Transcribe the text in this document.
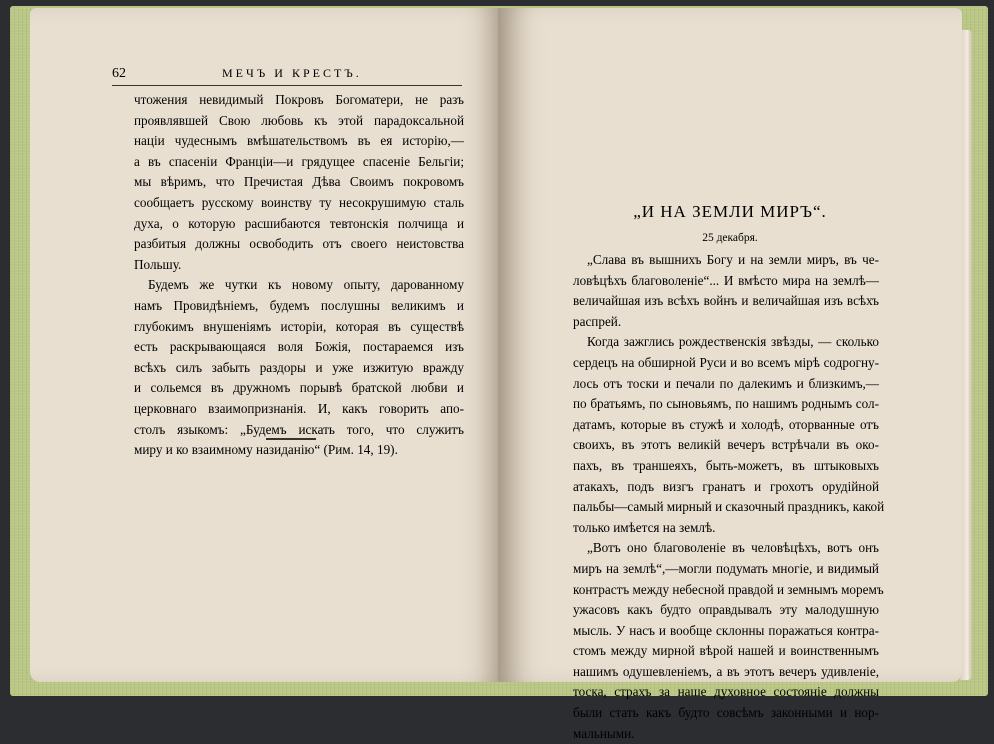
62	МЕЧЪ И КРЕСТЪ.
чтожения невидимый Покровъ Богоматери, не разъ
проявлявшей Свою любовь къ этой парадоксальной
націи чудеснымъ вмѣшательствомъ въ ея исторію,—
а въ спасеніи Франціи—и грядущее спасеніе Бельгіи;
мы вѣримъ, что Пречистая Дѣва Своимъ покровомъ
сообщаетъ русскому воинству ту несокрушимую сталь
духа, о которую расшибаются тевтонскія полчища и
разбитыя должны освободить отъ своего неистовства
Польшу.
Будемъ же чутки къ новому опыту, дарованному
намъ Провидѣніемъ, будемъ послушны великимъ и
глубокимъ внушеніямъ исторіи, которая въ существѣ
есть раскрывающаяся воля Божія, постараемся изъ
всѣхъ силъ забыть раздоры и уже изжитую вражду
и сольемся въ дружномъ порывѣ братской любви и
церковнаго взаимопризнанія. И, какъ говорить апо-
столъ языкомъ: „Будемъ искать того, что служитъ
миру и ко взаимному назиданію“ (Рим. 14, 19).
„И НА ЗЕМЛИ МИРЪ“.
25 декабря.
„Слава въ вышнихъ Богу и на земли миръ, въ че-
ловѣцѣхъ благоволеніе“... И вмѣсто мира на землѣ—
величайшая изъ всѣхъ войнъ и величайшая изъ всѣхъ
распрей.
Когда зажглись рождественскія звѣзды, — сколько
сердецъ на обширной Руси и во всемъ мірѣ содрогну-
лось отъ тоски и печали по далекимъ и близкимъ,—
по братьямъ, по сыновьямъ, по нашимъ роднымъ сол-
датамъ, которые въ стужѣ и холодѣ, оторванные отъ
своихъ, въ этотъ великій вечеръ встрѣчали въ око-
пахъ, въ траншеяхъ, быть-можетъ, въ штыковыхъ
атакахъ, подъ визгъ гранатъ и грохотъ орудійной
пальбы—самый мирный и сказочный праздникъ, какой
только имѣется на землѣ.
„Вотъ оно благоволеніе въ человѣцѣхъ, вотъ онъ
миръ на землѣ“,—могли подумать многіе, и видимый
контрастъ между небесной правдой и земнымъ моремъ
ужасовъ какъ будто оправдывалъ эту малодушную
мысль. У насъ и вообще склонны поражаться контра-
стомъ между мирной вѣрой нашей и воинственнымъ
нашимъ одушевленіемъ, а въ этотъ вечеръ удивленіе,
тоска, страхъ за наше духовное состояніе должны
были стать какъ будто совсѣмъ законными и нор-
мальными.
